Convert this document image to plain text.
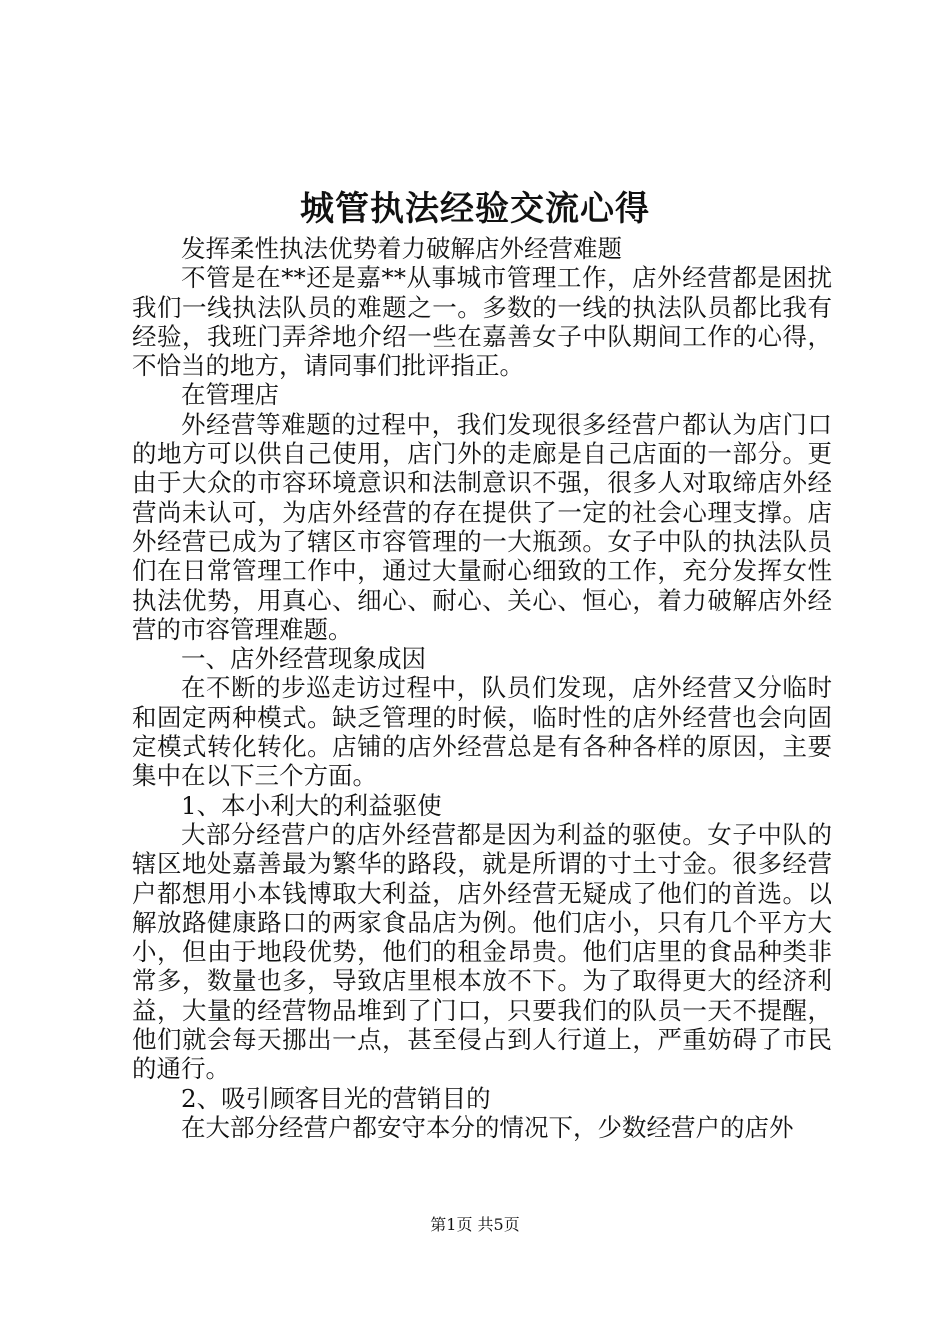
城管执法经验交流心得

发挥柔性执法优势着力破解店外经营难题

不管是在**还是嘉**从事城市管理工作，店外经营都是困扰我们一线执法队员的难题之一。多数的一线的执法队员都比我有经验，我班门弄斧地介绍一些在嘉善女子中队期间工作的心得，不恰当的地方，请同事们批评指正。

在管理店

外经营等难题的过程中，我们发现很多经营户都认为店门口的地方可以供自己使用，店门外的走廊是自己店面的一部分。更由于大众的市容环境意识和法制意识不强，很多人对取缔店外经营尚未认可，为店外经营的存在提供了一定的社会心理支撑。店外经营已成为了辖区市容管理的一大瓶颈。女子中队的执法队员们在日常管理工作中，通过大量耐心细致的工作，充分发挥女性执法优势，用真心、细心、耐心、关心、恒心，着力破解店外经营的市容管理难题。

一、店外经营现象成因

在不断的步巡走访过程中，队员们发现，店外经营又分临时和固定两种模式。缺乏管理的时候，临时性的店外经营也会向固定模式转化转化。店铺的店外经营总是有各种各样的原因，主要集中在以下三个方面。

1、本小利大的利益驱使

大部分经营户的店外经营都是因为利益的驱使。女子中队的辖区地处嘉善最为繁华的路段，就是所谓的寸土寸金。很多经营户都想用小本钱博取大利益，店外经营无疑成了他们的首选。以解放路健康路口的两家食品店为例。他们店小，只有几个平方大小，但由于地段优势，他们的租金昂贵。他们店里的食品种类非常多，数量也多，导致店里根本放不下。为了取得更大的经济利益，大量的经营物品堆到了门口，只要我们的队员一天不提醒，他们就会每天挪出一点，甚至侵占到人行道上，严重妨碍了市民的通行。

2、吸引顾客目光的营销目的

在大部分经营户都安守本分的情况下，少数经营户的店外

第1页 共5页
